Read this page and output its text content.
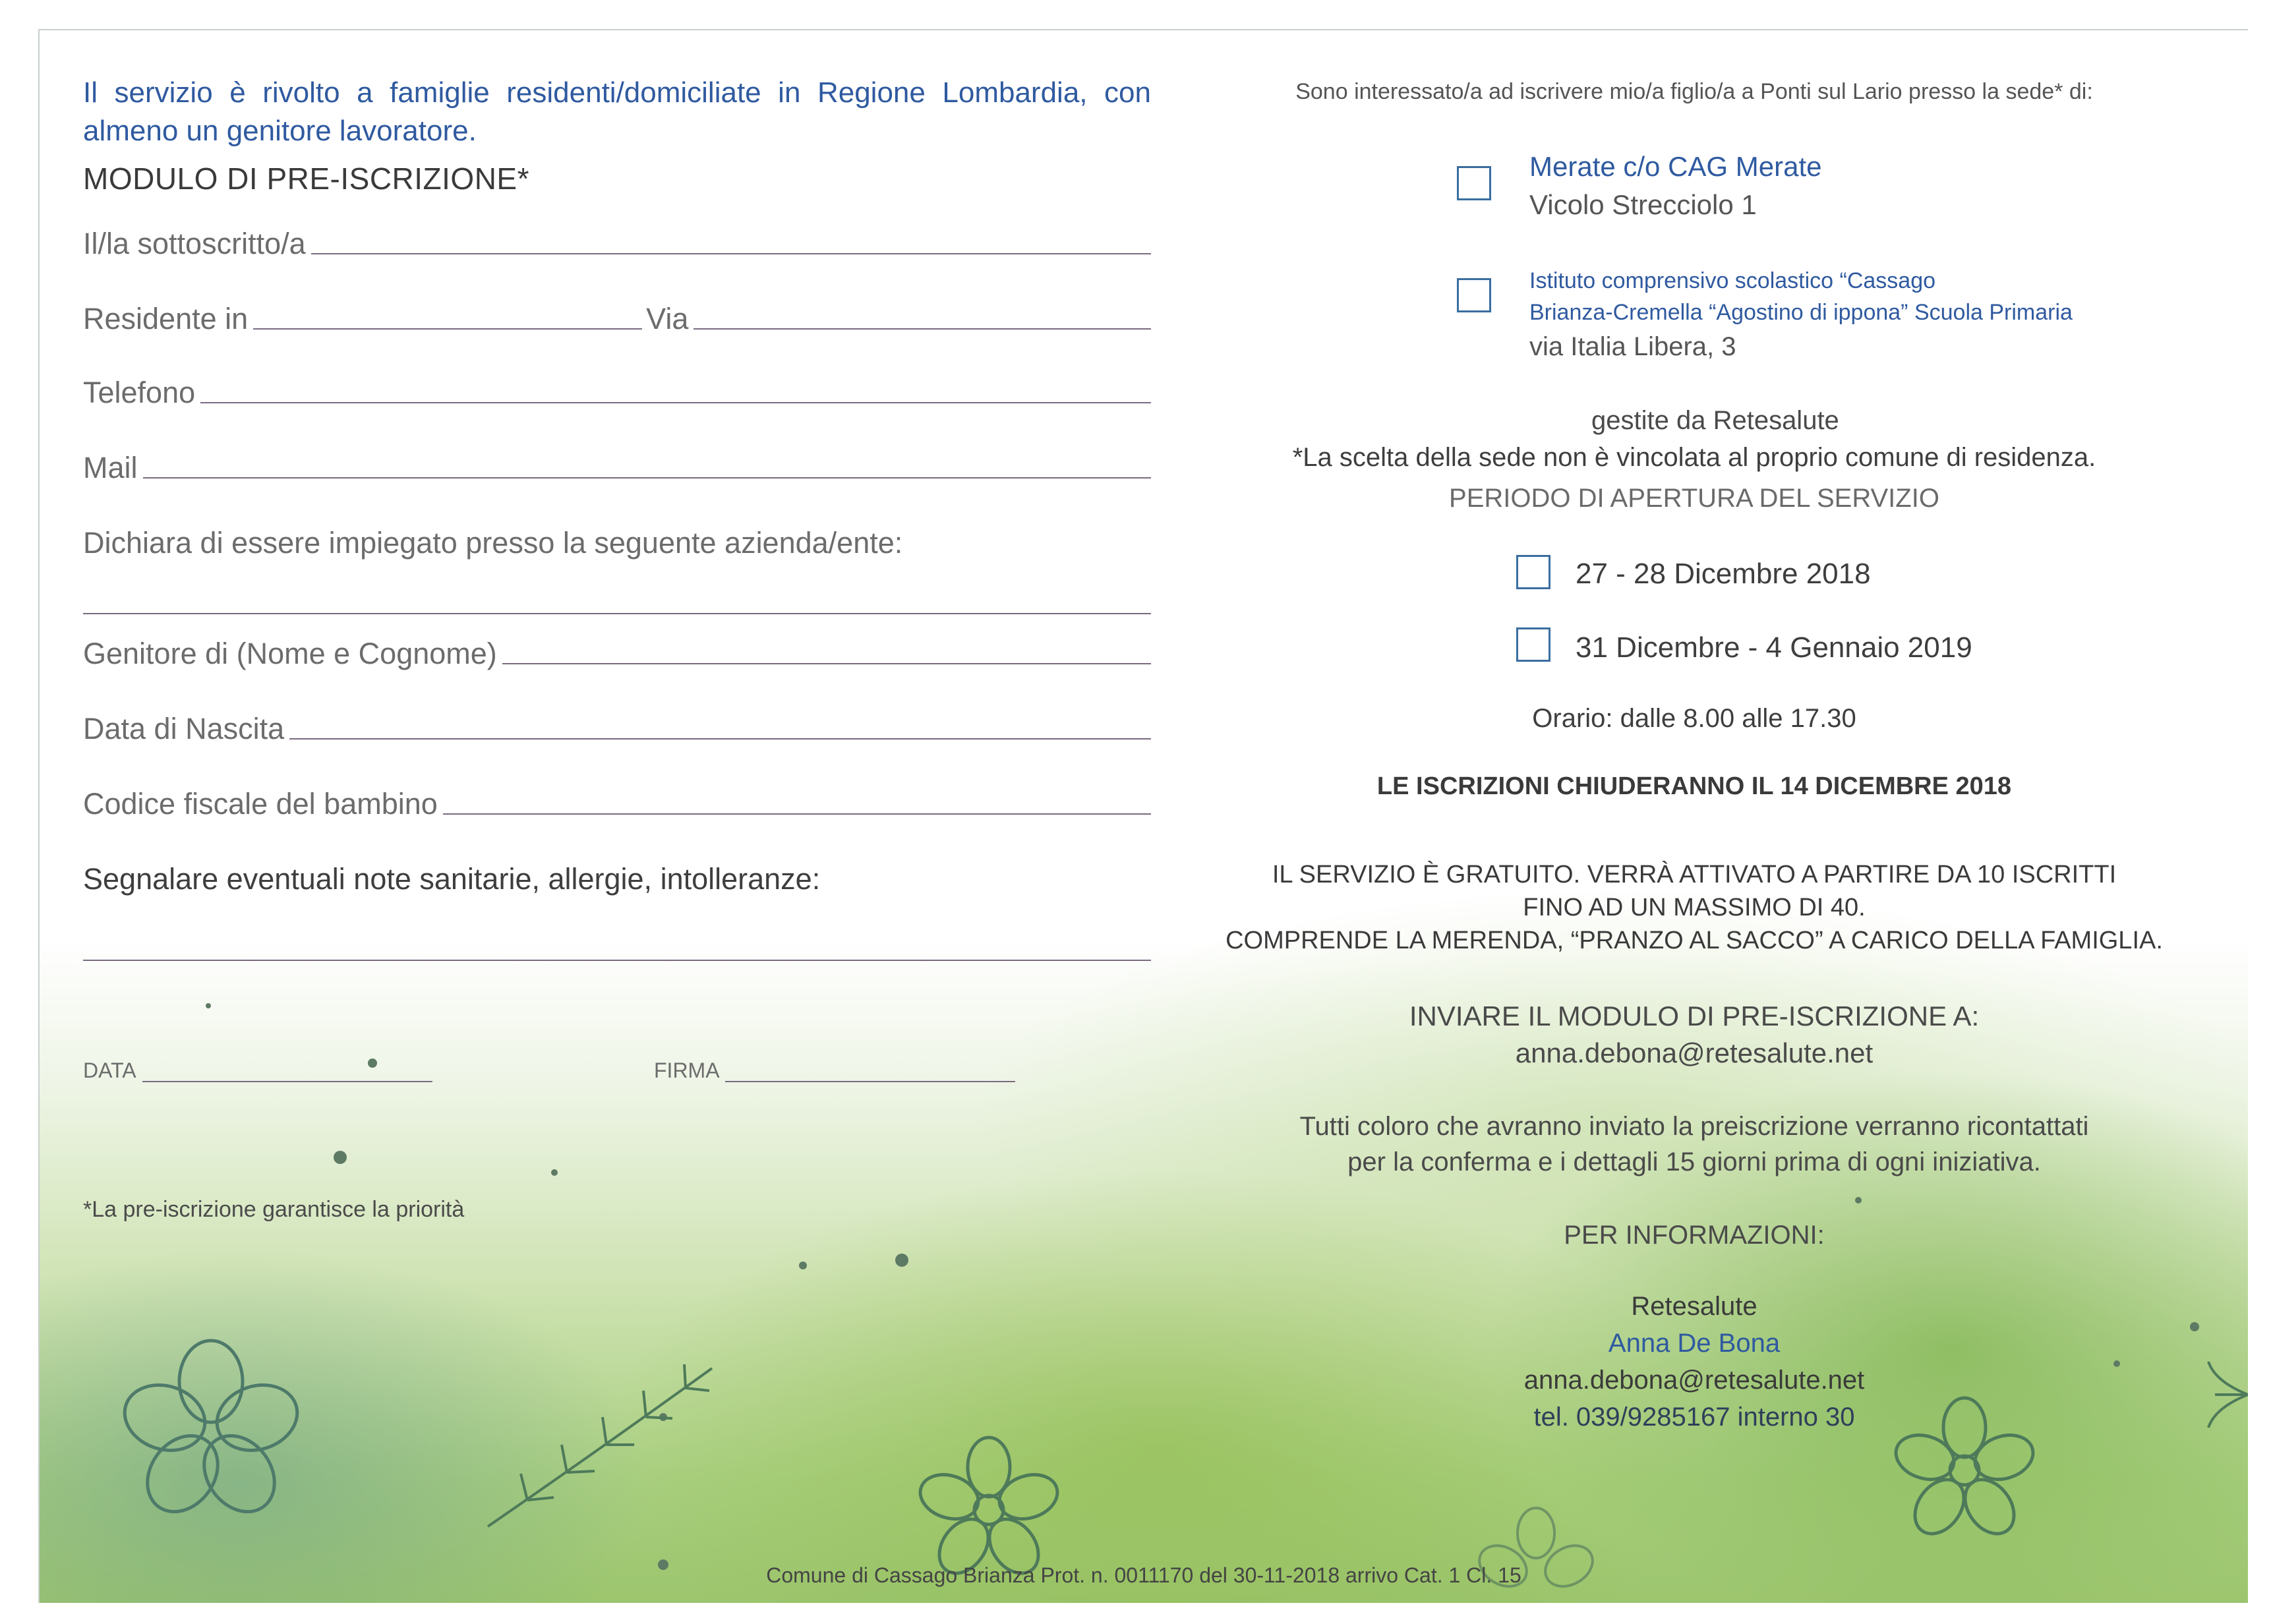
Il servizio è rivolto a famiglie residenti/domiciliate in Regione Lombardia, con almeno un genitore lavoratore.
MODULO DI PRE-ISCRIZIONE*
Il/la sottoscritto/a
Residente in	Via
Telefono
Mail
Dichiara di essere impiegato presso la seguente azienda/ente:
Genitore di (Nome e Cognome)
Data di Nascita
Codice fiscale del bambino
Segnalare eventuali note sanitarie, allergie, intolleranze:
DATA	FIRMA
*La pre-iscrizione garantisce la priorità
Sono interessato/a ad iscrivere mio/a figlio/a a Ponti sul Lario presso la sede* di:
Merate c/o CAG Merate
Vicolo Strecciolo 1
Istituto comprensivo scolastico “Cassago
Brianza-Cremella “Agostino di ippona” Scuola Primaria
via Italia Libera, 3
gestite da Retesalute
*La scelta della sede non è vincolata al proprio comune di residenza.
PERIODO DI APERTURA DEL SERVIZIO
27 - 28 Dicembre 2018
31 Dicembre - 4 Gennaio 2019
Orario: dalle 8.00 alle 17.30
LE ISCRIZIONI CHIUDERANNO IL 14 DICEMBRE 2018
IL SERVIZIO È GRATUITO. VERRÀ ATTIVATO A PARTIRE DA 10 ISCRITTI
FINO AD UN MASSIMO DI 40.
COMPRENDE LA MERENDA, “PRANZO AL SACCO” A CARICO DELLA FAMIGLIA.
INVIARE IL MODULO DI PRE-ISCRIZIONE A:
anna.debona@retesalute.net
Tutti coloro che avranno inviato la preiscrizione verranno ricontattati
per la conferma e i dettagli 15 giorni prima di ogni iniziativa.
PER INFORMAZIONI:
Retesalute
Anna De Bona
anna.debona@retesalute.net
tel. 039/9285167 interno 30
Comune di Cassago Brianza Prot. n. 0011170 del 30-11-2018 arrivo Cat. 1 Cl. 15
